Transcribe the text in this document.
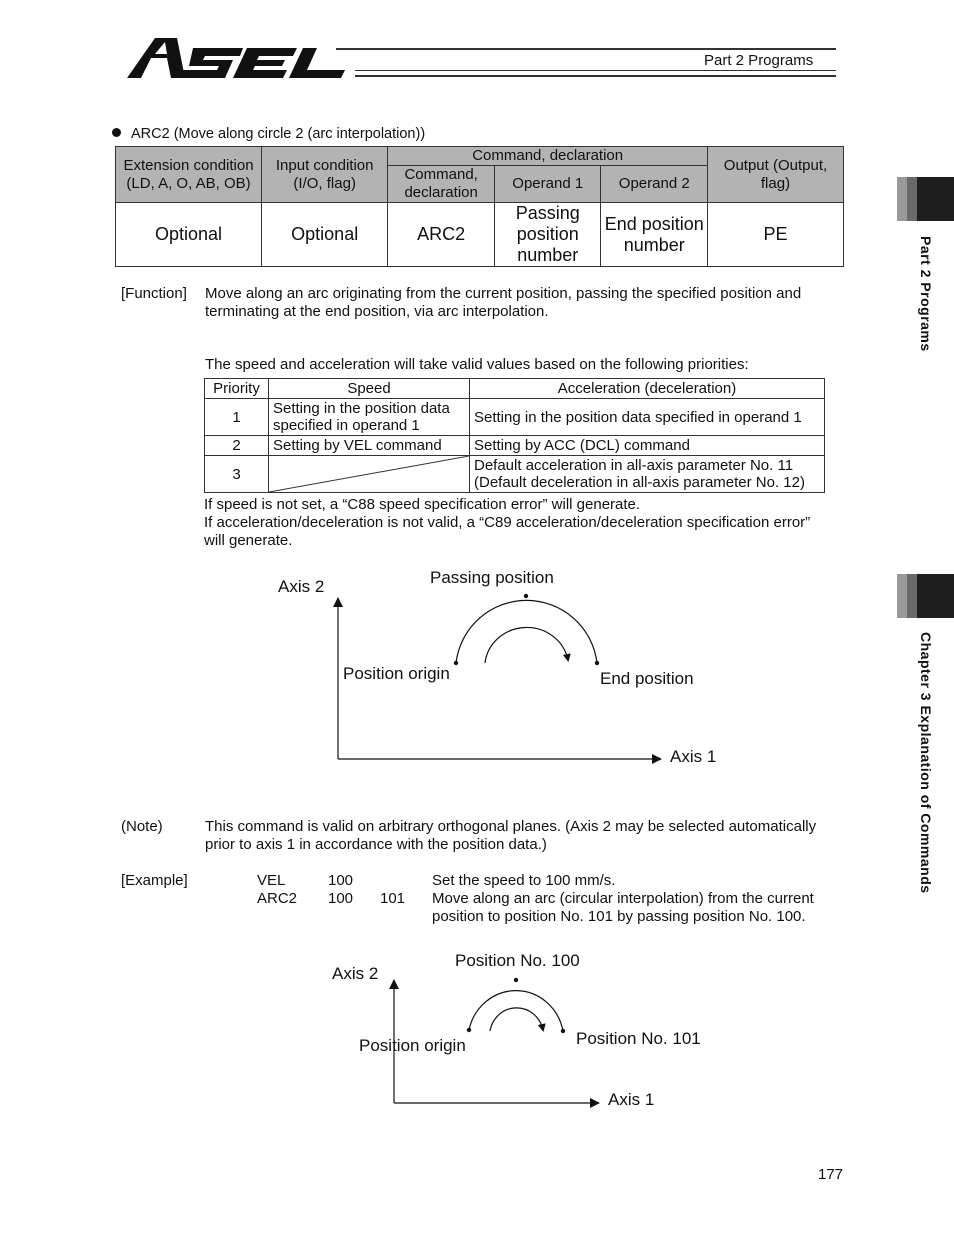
Part 2 Programs
ARC2 (Move along circle 2 (arc interpolation))
Extension condition (LD, A, O, AB, OB)	Input condition (I/O, flag)	Command, declaration			Output (Output, flag)
		Command, declaration	Operand 1	Operand 2	
Optional	Optional	ARC2	Passing position number	End position number	PE
[Function] Move along an arc originating from the current position, passing the specified position and
terminating at the end position, via arc interpolation.
The speed and acceleration will take valid values based on the following priorities:
Priority	Speed	Acceleration (deceleration)
1	Setting in the position data
specified in operand 1	Setting in the position data specified in operand 1
2	Setting by VEL command	Setting by ACC (DCL) command
3		Default acceleration in all-axis parameter No. 11
(Default deceleration in all-axis parameter No. 12)
If speed is not set, a “C88 speed specification error” will generate.
If acceleration/deceleration is not valid, a “C89 acceleration/deceleration specification error”
will generate.
Axis 2	Passing position
Position origin	End position
Axis 1
(Note)	This command is valid on arbitrary orthogonal planes. (Axis 2 may be selected automatically
prior to axis 1 in accordance with the position data.)
[Example]	VEL	100	Set the speed to 100 mm/s.
ARC2 100 101 Move along an arc (circular interpolation) from the current
position to position No. 101 by passing position No. 100.
Axis 2
Position No. 100
Position origin	Position No. 101
Axis 1
Part 2 Programs
Chapter 3 Explanation of Commands
177
